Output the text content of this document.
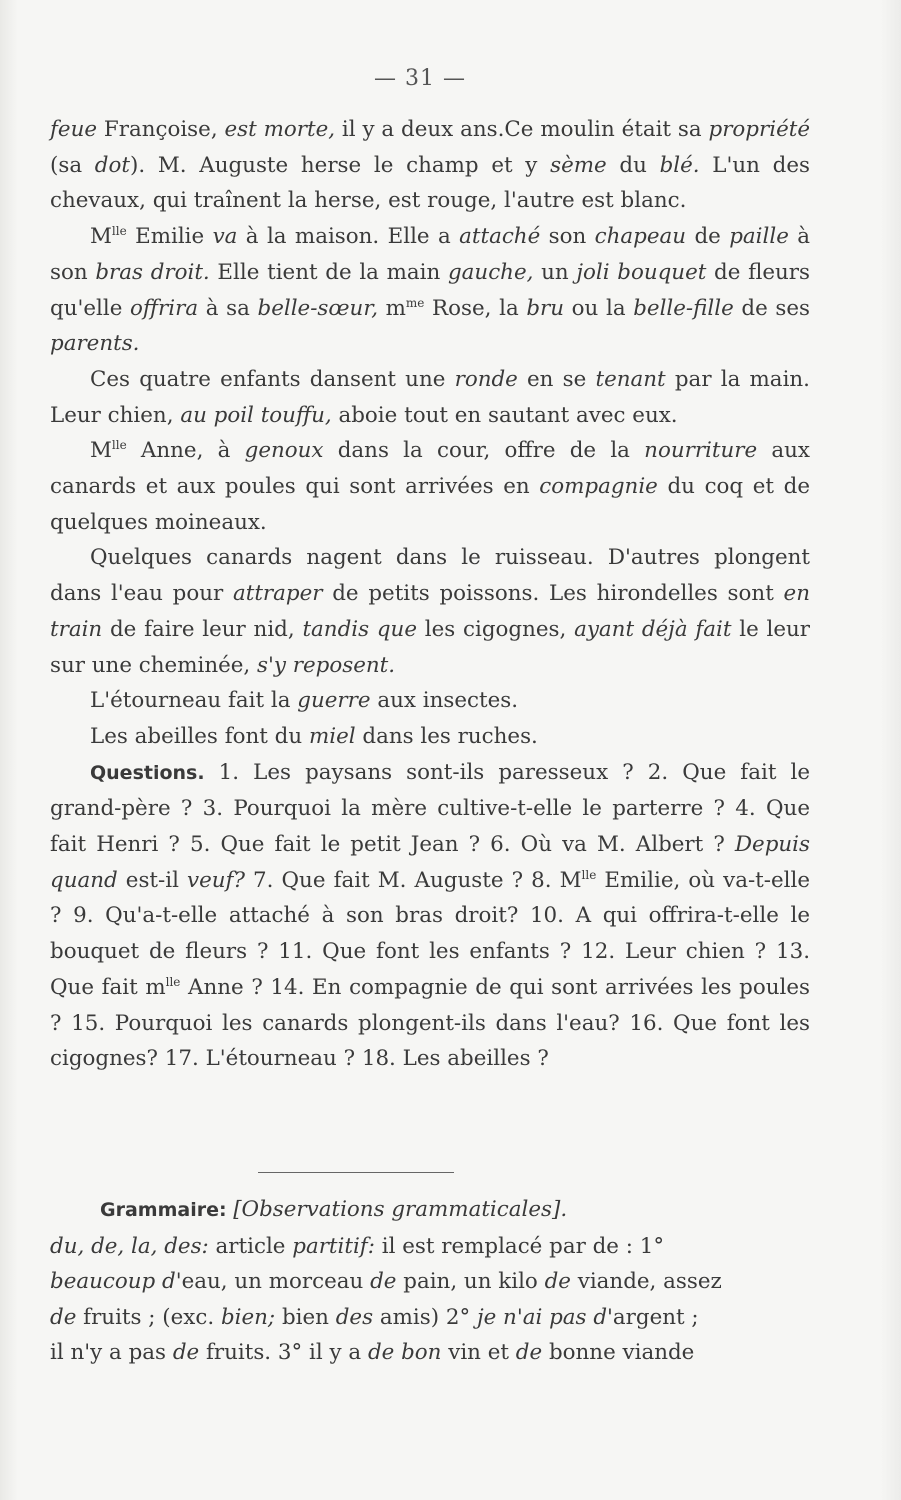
— 31 —

feue Françoise, est morte, il y a deux ans.Ce moulin était sa propriété (sa dot). M. Auguste herse le champ et y sème du blé. L'un des chevaux, qui traînent la herse, est rouge, l'autre est blanc.

$M^{lle}$ Emilie va à la maison. Elle a attaché son chapeau de paille à son bras droit. Elle tient de la main gauche, un joli bouquet de fleurs qu'elle offrira à sa belle-sœur, $m^{me}$ Rose, la bru ou la belle-fille de ses parents.

Ces quatre enfants dansent une ronde en se tenant par la main. Leur chien, au poil touffu, aboie tout en sautant avec eux.

$M^{lle}$ Anne, à genoux dans la cour, offre de la nourriture aux canards et aux poules qui sont arrivées en compagnie du coq et de quelques moineaux.

Quelques canards nagent dans le ruisseau. D'autres plongent dans l'eau pour attraper de petits poissons. Les hirondelles sont en train de faire leur nid, tandis que les cigognes, ayant déjà fait le leur sur une cheminée, s'y reposent.

L'étourneau fait la guerre aux insectes.

Les abeilles font du miel dans les ruches.

Questions. 1. Les paysans sont-ils paresseux ? 2. Que fait le grand-père ? 3. Pourquoi la mère cultive-t-elle le parterre ? 4. Que fait Henri ? 5. Que fait le petit Jean ? 6. Où va M. Albert ? Depuis quand est-il veuf? 7. Que fait M. Auguste ? 8. $M^{lle}$ Emilie, où va-t-elle ? 9. Qu'a-t-elle attaché à son bras droit? 10. A qui offrira-t-elle le bouquet de fleurs ? 11. Que font les enfants ? 12. Leur chien ? 13. Que fait $m^{lle}$ Anne ? 14. En compagnie de qui sont arrivées les poules ? 15. Pourquoi les canards plongent-ils dans l'eau? 16. Que font les cigognes? 17. L'étourneau ? 18. Les abeilles ?

Grammaire: [Observations grammaticales].

du, de, la, des: article partitif: il est remplacé par de : 1°

beaucoup d'eau, un morceau de pain, un kilo de viande, assez

de fruits ; (exc. bien; bien des amis) 2° je n'ai pas d'argent ;

il n'y a pas de fruits. 3° il y a de bon vin et de bonne viande
